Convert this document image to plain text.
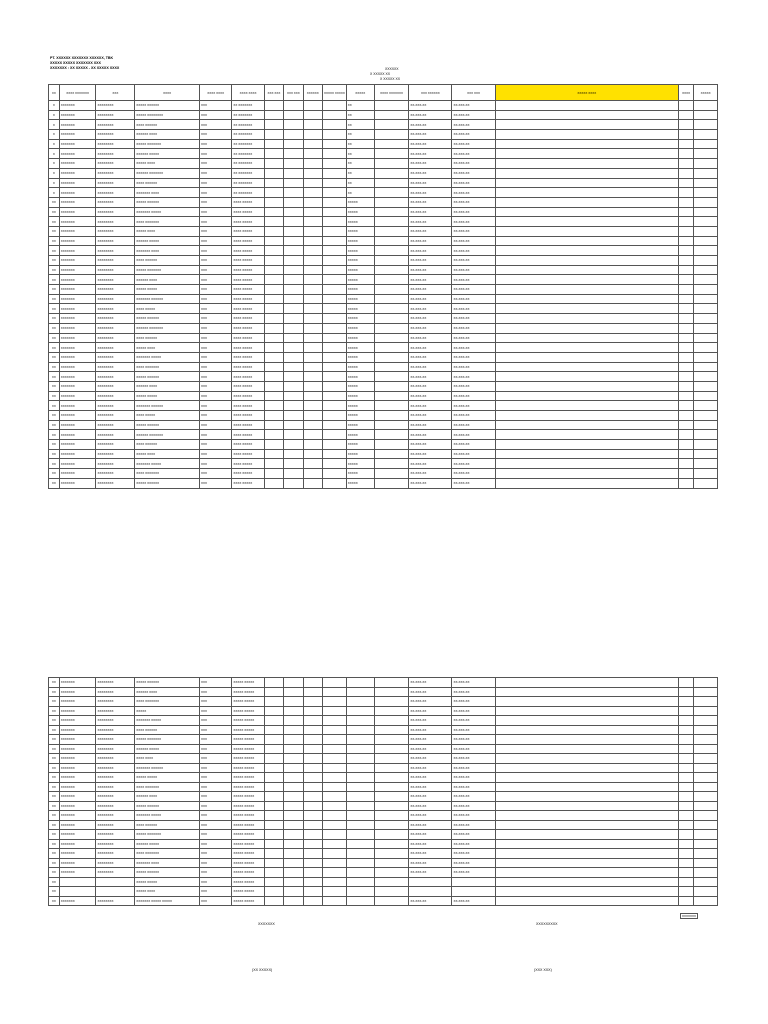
PT. XXXXXX XXXXXXX XXXXXX, TBK
XXXXX XXXXX XXXXXXX XXX
XXXXXXX : XX XXXXX - XX XXXXX XXXX	XXXXXX
X XXXXX XX
X XXXXX XX
XX	XXXX XXXXXXX	XXX	XXXX	XXXX XXXX	XXXX XXXX	XXX XXX	XXX XXX	XXXXXX	XXXXX XXXXX	XXXXX	XXXX XXXXXXX	XXX XXXXXX	XXX XXX	XXXXX XXXX	XXXX	XXXXX
X	XXXXXXX	XXXXXXXX	XXXXX XXXXXX	XXX	XX XXXXXXX					XX		XX-XXX-XX	XX-XXX-XX			
X	XXXXXXX	XXXXXXXX	XXXXX XXXXXXXX	XXX	XX XXXXXXX					XX		XX-XXX-XX	XX-XXX-XX			
X	XXXXXXX	XXXXXXXX	XXXX XXXXXX	XXX	XX XXXXXXX					XX		XX-XXX-XX	XX-XXX-XX			
X	XXXXXXX	XXXXXXXX	XXXXXX XXXX	XXX	XX XXXXXXX					XX		XX-XXX-XX	XX-XXX-XX			
X	XXXXXXX	XXXXXXXX	XXXXX XXXXXXX	XXX	XX XXXXXXX					XX		XX-XXX-XX	XX-XXX-XX			
X	XXXXXXX	XXXXXXXX	XXXXXX XXXXX	XXX	XX XXXXXXX					XX		XX-XXX-XX	XX-XXX-XX			
X	XXXXXXX	XXXXXXXX	XXXXX XXXX	XXX	XX XXXXXXX					XX		XX-XXX-XX	XX-XXX-XX			
X	XXXXXXX	XXXXXXXX	XXXXXX XXXXXXX	XXX	XX XXXXXXX					XX		XX-XXX-XX	XX-XXX-XX			
X	XXXXXXX	XXXXXXXX	XXXX XXXXXX	XXX	XX XXXXXXX					XX		XX-XXX-XX	XX-XXX-XX			
X	XXXXXXX	XXXXXXXX	XXXXXXX XXXX	XXX	XX XXXXXXX					XX		XX-XXX-XX	XX-XXX-XX			
XX	XXXXXXX	XXXXXXXX	XXXXX XXXXXX	XXX	XXXX XXXXX					XXXXX		XX-XXX-XX	XX-XXX-XX			
XX	XXXXXXX	XXXXXXXX	XXXXXXX XXXXX	XXX	XXXX XXXXX					XXXXX		XX-XXX-XX	XX-XXX-XX			
XX	XXXXXXX	XXXXXXXX	XXXX XXXXXXX	XXX	XXXX XXXXX					XXXXX		XX-XXX-XX	XX-XXX-XX			
XX	XXXXXXX	XXXXXXXX	XXXXX XXXX	XXX	XXXX XXXXX					XXXXX		XX-XXX-XX	XX-XXX-XX			
XX	XXXXXXX	XXXXXXXX	XXXXXX XXXXX	XXX	XXXX XXXXX					XXXXX		XX-XXX-XX	XX-XXX-XX			
XX	XXXXXXX	XXXXXXXX	XXXXXXX XXXX	XXX	XXXX XXXXX					XXXXX		XX-XXX-XX	XX-XXX-XX			
XX	XXXXXXX	XXXXXXXX	XXXX XXXXXX	XXX	XXXX XXXXX					XXXXX		XX-XXX-XX	XX-XXX-XX			
XX	XXXXXXX	XXXXXXXX	XXXXX XXXXXXX	XXX	XXXX XXXXX					XXXXX		XX-XXX-XX	XX-XXX-XX			
XX	XXXXXXX	XXXXXXXX	XXXXXX XXXX	XXX	XXXX XXXXX					XXXXX		XX-XXX-XX	XX-XXX-XX			
XX	XXXXXXX	XXXXXXXX	XXXXX XXXXX	XXX	XXXX XXXXX					XXXXX		XX-XXX-XX	XX-XXX-XX			
XX	XXXXXXX	XXXXXXXX	XXXXXXX XXXXXX	XXX	XXXX XXXXX					XXXXX		XX-XXX-XX	XX-XXX-XX			
XX	XXXXXXX	XXXXXXXX	XXXX XXXXX	XXX	XXXX XXXXX					XXXXX		XX-XXX-XX	XX-XXX-XX			
XX	XXXXXXX	XXXXXXXX	XXXXX XXXXXX	XXX	XXXX XXXXX					XXXXX		XX-XXX-XX	XX-XXX-XX			
XX	XXXXXXX	XXXXXXXX	XXXXXX XXXXXXX	XXX	XXXX XXXXX					XXXXX		XX-XXX-XX	XX-XXX-XX			
XX	XXXXXXX	XXXXXXXX	XXXX XXXXXX	XXX	XXXX XXXXX					XXXXX		XX-XXX-XX	XX-XXX-XX			
XX	XXXXXXX	XXXXXXXX	XXXXX XXXX	XXX	XXXX XXXXX					XXXXX		XX-XXX-XX	XX-XXX-XX			
XX	XXXXXXX	XXXXXXXX	XXXXXXX XXXXX	XXX	XXXX XXXXX					XXXXX		XX-XXX-XX	XX-XXX-XX			
XX	XXXXXXX	XXXXXXXX	XXXX XXXXXXX	XXX	XXXX XXXXX					XXXXX		XX-XXX-XX	XX-XXX-XX			
XX	XXXXXXX	XXXXXXXX	XXXXX XXXXXX	XXX	XXXX XXXXX					XXXXX		XX-XXX-XX	XX-XXX-XX			
XX	XXXXXXX	XXXXXXXX	XXXXXX XXXX	XXX	XXXX XXXXX					XXXXX		XX-XXX-XX	XX-XXX-XX			
XX	XXXXXXX	XXXXXXXX	XXXXX XXXXX	XXX	XXXX XXXXX					XXXXX		XX-XXX-XX	XX-XXX-XX			
XX	XXXXXXX	XXXXXXXX	XXXXXXX XXXXXX	XXX	XXXX XXXXX					XXXXX		XX-XXX-XX	XX-XXX-XX			
XX	XXXXXXX	XXXXXXXX	XXXX XXXXX	XXX	XXXX XXXXX					XXXXX		XX-XXX-XX	XX-XXX-XX			
XX	XXXXXXX	XXXXXXXX	XXXXX XXXXXX	XXX	XXXX XXXXX					XXXXX		XX-XXX-XX	XX-XXX-XX			
XX	XXXXXXX	XXXXXXXX	XXXXXX XXXXXXX	XXX	XXXX XXXXX					XXXXX		XX-XXX-XX	XX-XXX-XX			
XX	XXXXXXX	XXXXXXXX	XXXX XXXXXX	XXX	XXXX XXXXX					XXXXX		XX-XXX-XX	XX-XXX-XX			
XX	XXXXXXX	XXXXXXXX	XXXXX XXXX	XXX	XXXX XXXXX					XXXXX		XX-XXX-XX	XX-XXX-XX			
XX	XXXXXXX	XXXXXXXX	XXXXXXX XXXXX	XXX	XXXX XXXXX					XXXXX		XX-XXX-XX	XX-XXX-XX			
XX	XXXXXXX	XXXXXXXX	XXXX XXXXXXX	XXX	XXXX XXXXX					XXXXX		XX-XXX-XX	XX-XXX-XX			
XX	XXXXXXX	XXXXXXXX	XXXXX XXXXXX	XXX	XXXX XXXXX					XXXXX		XX-XXX-XX	XX-XXX-XX			
XX	XXXXXXX	XXXXXXXX	XXXXX XXXXXX	XXX	XXXXX XXXXX							XX-XXX-XX	XX-XXX-XX			
XX	XXXXXXX	XXXXXXXX	XXXXXX XXXX	XXX	XXXXX XXXXX							XX-XXX-XX	XX-XXX-XX			
XX	XXXXXXX	XXXXXXXX	XXXX XXXXXXX	XXX	XXXXX XXXXX							XX-XXX-XX	XX-XXX-XX			
XX	XXXXXXX	XXXXXXXX	XXXXX	XXX	XXXXX XXXXX							XX-XXX-XX	XX-XXX-XX			
XX	XXXXXXX	XXXXXXXX	XXXXXXX XXXXX	XXX	XXXXX XXXXX							XX-XXX-XX	XX-XXX-XX			
XX	XXXXXXX	XXXXXXXX	XXXX XXXXXX	XXX	XXXXX XXXXX							XX-XXX-XX	XX-XXX-XX			
XX	XXXXXXX	XXXXXXXX	XXXXX XXXXXXX	XXX	XXXXX XXXXX							XX-XXX-XX	XX-XXX-XX			
XX	XXXXXXX	XXXXXXXX	XXXXXX XXXXX	XXX	XXXXX XXXXX							XX-XXX-XX	XX-XXX-XX			
XX	XXXXXXX	XXXXXXXX	XXXX XXXX	XXX	XXXXX XXXXX							XX-XXX-XX	XX-XXX-XX			
XX	XXXXXXX	XXXXXXXX	XXXXXXX XXXXXX	XXX	XXXXX XXXXX							XX-XXX-XX	XX-XXX-XX			
XX	XXXXXXX	XXXXXXXX	XXXXX XXXXX	XXX	XXXXX XXXXX							XX-XXX-XX	XX-XXX-XX			
XX	XXXXXXX	XXXXXXXX	XXXX XXXXXXX	XXX	XXXXX XXXXX							XX-XXX-XX	XX-XXX-XX			
XX	XXXXXXX	XXXXXXXX	XXXXXX XXXX	XXX	XXXXX XXXXX							XX-XXX-XX	XX-XXX-XX			
XX	XXXXXXX	XXXXXXXX	XXXXX XXXXXX	XXX	XXXXX XXXXX							XX-XXX-XX	XX-XXX-XX			
XX	XXXXXXX	XXXXXXXX	XXXXXXX XXXXX	XXX	XXXXX XXXXX							XX-XXX-XX	XX-XXX-XX			
XX	XXXXXXX	XXXXXXXX	XXXX XXXXXX	XXX	XXXXX XXXXX							XX-XXX-XX	XX-XXX-XX			
XX	XXXXXXX	XXXXXXXX	XXXXX XXXXXXX	XXX	XXXXX XXXXX							XX-XXX-XX	XX-XXX-XX			
XX	XXXXXXX	XXXXXXXX	XXXXXX XXXXX	XXX	XXXXX XXXXX							XX-XXX-XX	XX-XXX-XX			
XX	XXXXXXX	XXXXXXXX	XXXX XXXXXXX	XXX	XXXXX XXXXX							XX-XXX-XX	XX-XXX-XX			
XX	XXXXXXX	XXXXXXXX	XXXXXXX XXXX	XXX	XXXXX XXXXX							XX-XXX-XX	XX-XXX-XX			
XX	XXXXXXX	XXXXXXXX	XXXXX XXXXXX	XXX	XXXXX XXXXX							XX-XXX-XX	XX-XXX-XX			
XX			XXXXX XXXXX	XXX	XXXXX XXXXX											
XX			XXXXX XXXX	XXX	XXXXX XXXXX											
XX	XXXXXXX	XXXXXXXX	XXXXXXX XXXXX XXXXX	XXX	XXXXX XXXXX							XX-XXX-XX	XX-XXX-XX			
XXXXXXX
XXXXXXX	XXXXXXXXX
(XX XXXXX)	(XXX XXX)
